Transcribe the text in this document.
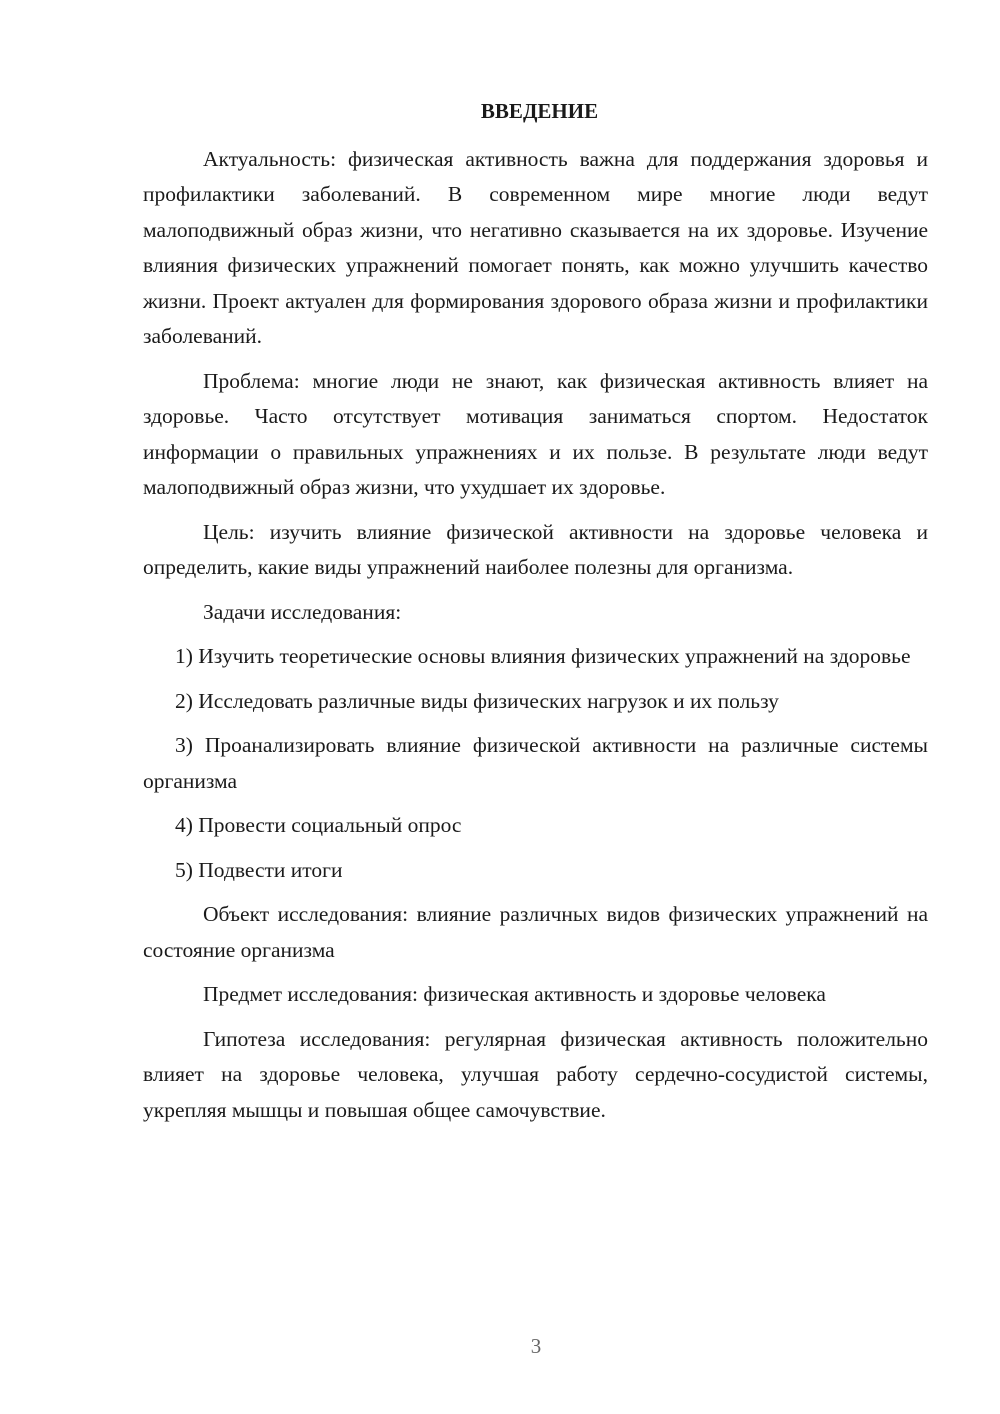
ВВЕДЕНИЕ

Актуальность: физическая активность важна для поддержания здоровья и профилактики заболеваний. В современном мире многие люди ведут малоподвижный образ жизни, что негативно сказывается на их здоровье. Изучение влияния физических упражнений помогает понять, как можно улучшить качество жизни. Проект актуален для формирования здорового образа жизни и профилактики заболеваний.

Проблема: многие люди не знают, как физическая активность влияет на здоровье. Часто отсутствует мотивация заниматься спортом. Недостаток информации о правильных упражнениях и их пользе. В результате люди ведут малоподвижный образ жизни, что ухудшает их здоровье.

Цель: изучить влияние физической активности на здоровье человека и определить, какие виды упражнений наиболее полезны для организма.

Задачи исследования:

1) Изучить теоретические основы влияния физических упражнений на здоровье

2) Исследовать различные виды физических нагрузок и их пользу

3) Проанализировать влияние физической активности на различные системы организма

4) Провести социальный опрос

5) Подвести итоги

Объект исследования: влияние различных видов физических упражнений на состояние организма

Предмет исследования: физическая активность и здоровье человека

Гипотеза исследования: регулярная физическая активность положительно влияет на здоровье человека, улучшая работу сердечно-сосудистой системы, укрепляя мышцы и повышая общее самочувствие.

3
